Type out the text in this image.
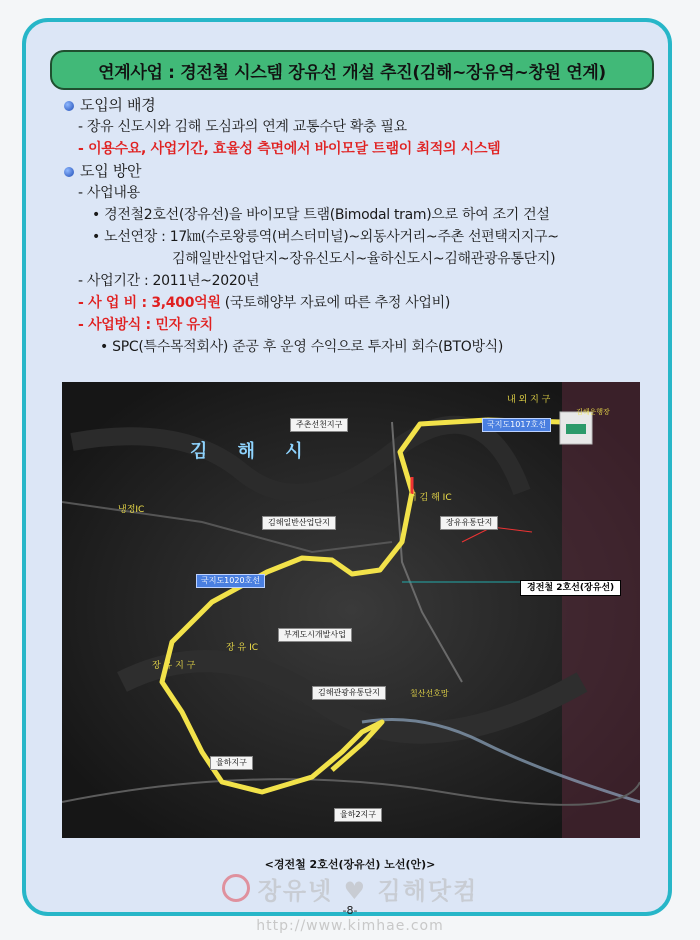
연계사업 : 경전철 시스템 장유선 개설 추진(김해~장유역~창원 연계)
도입의 배경
- 장유 신도시와 김해 도심과의 연계 교통수단 확충 필요
- 이용수요, 사업기간, 효율성 측면에서 바이모달 트램이 최적의 시스템
도입 방안
- 사업내용
• 경전철2호선(장유선)을 바이모달 트램(Bimodal tram)으로 하여 조기 건설
• 노선연장 : 17㎞(수로왕릉역(버스터미널)~외동사거리~주촌 선편택지지구~
김해일반산업단지~장유신도시~율하신도시~김해관광유통단지)
- 사업기간 : 2011년~2020년
- 사 업 비 : 3,400억원 (국토해양부 자료에 따른 추정 사업비)
- 사업방식 : 민자 유치
• SPC(특수목적회사) 준공 후 운영 수익으로 투자비 회수(BTO방식)
내 외 지 구
김해운행장
국지도1017호선
주촌선천지구
김 해 시
서 김 해 IC
냉정IC
김해일반산업단지	장유유통단지
국지도1020호선
경전철 2호선(장유선)
장 유 IC
부계도시개발사업
장 유 지 구
김해관광유통단지	칠산선호망
율하지구
율하2지구
<경전철 2호선(장유선) 노선(안)>
장유넷 ♥ 김해닷컴
-8-
http://www.kimhae.com
